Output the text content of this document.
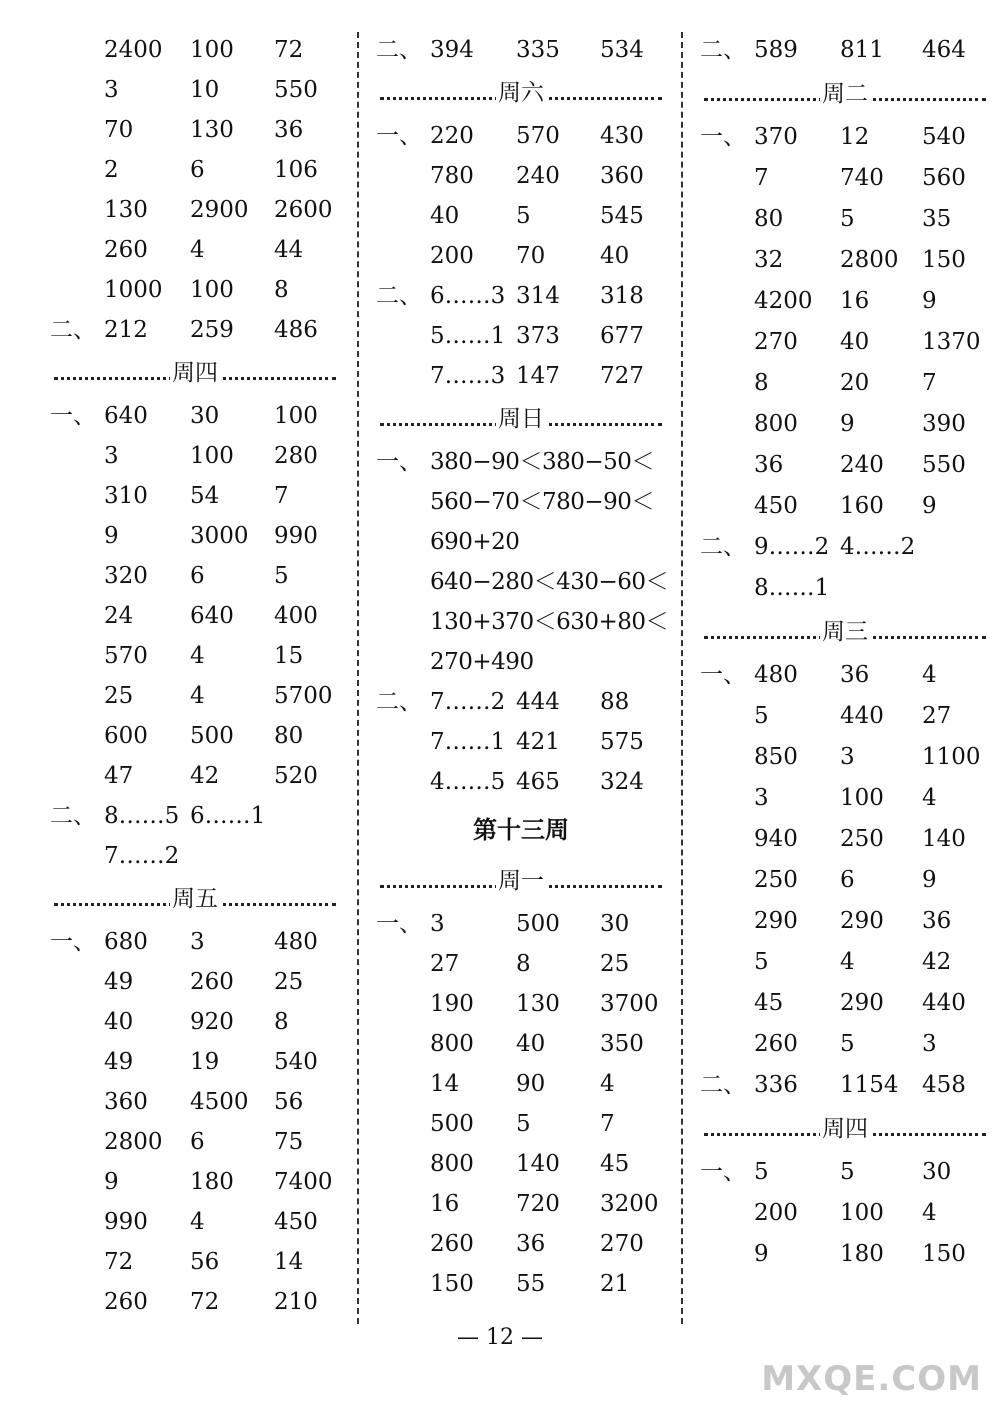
2400 100 72
3	10 550
70 130 36
2	6	106
130 2900 2600
260 4	44
1000 100 8
二、 212 259 486
周四
一、 640 30 100
3	100 280
310 54 7
9	3000 990
320 6	5
24 640 400
570 4	15
25 4	5700
600 500 80
47 42 520
二、 8……5 6……1
7……2
周五
一、 680 3	480
49 260 25
40 920 8
49 19 540
360 4500 56
2800 6	75
9	180 7400
990 4	450
72 56 14
260 72 210
二、 394 335 534
周六
一、 220 570 430
780 240 360
40 5	545
200 70 40
二、 6……3 314 318
5……1 373 677
7……3 147 727
周日
一、 380−90＜380−50＜
560−70＜780−90＜
690+20
640−280＜430−60＜
130+370＜630+80＜
270+490
二、 7……2 444 88
7……1 421 575
4……5 465 324
第十三周
周一
一、 3	500 30
27 8	25
190 130 3700
800 40 350
14 90 4
500 5	7
800 140 45
16 720 3200
260 36 270
150 55 21
二、 589 811 464
周二
一、 370 12 540
7	740 560
80 5	35
32 2800 150
4200 16 9
270 40 1370
8	20 7
800 9	390
36 240 550
450 160 9
二、 9……2 4……2
8……1
周三
一、 480 36 4
5	440 27
850 3	1100
3	100 4
940 250 140
250 6	9
290 290 36
5	4	42
45 290 440
260 5	3
二、 336 1154 458
周四
一、 5	5	30
200 100 4
9	180 150
— 12 —
MXQE.COM
